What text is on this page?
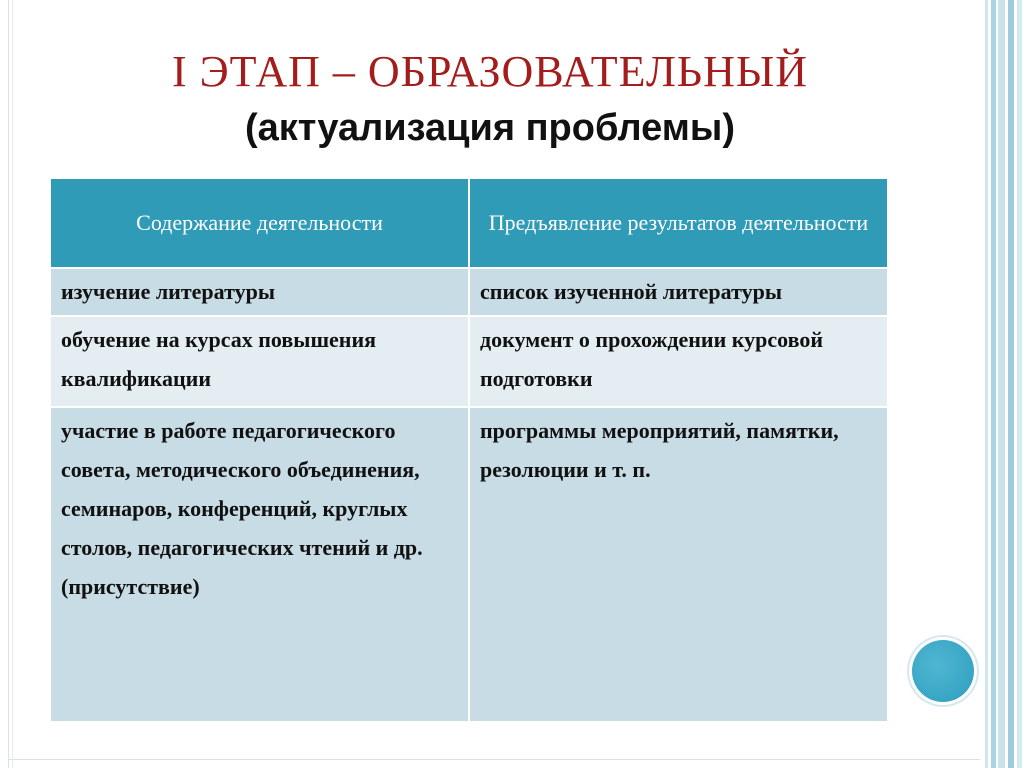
I ЭТАП – ОБРАЗОВАТЕЛЬНЫЙ
(актуализация проблемы)
Содержание деятельности	Предъявление результатов деятельности
изучение литературы	список изученной литературы
обучение на курсах повышения квалификации	документ о прохождении курсовой подготовки
участие в работе педагогического совета, методического объединения, семинаров, конференций, круглых столов, педагогических чтений и др. (присутствие)	программы мероприятий, памятки, резолюции и т. п.
